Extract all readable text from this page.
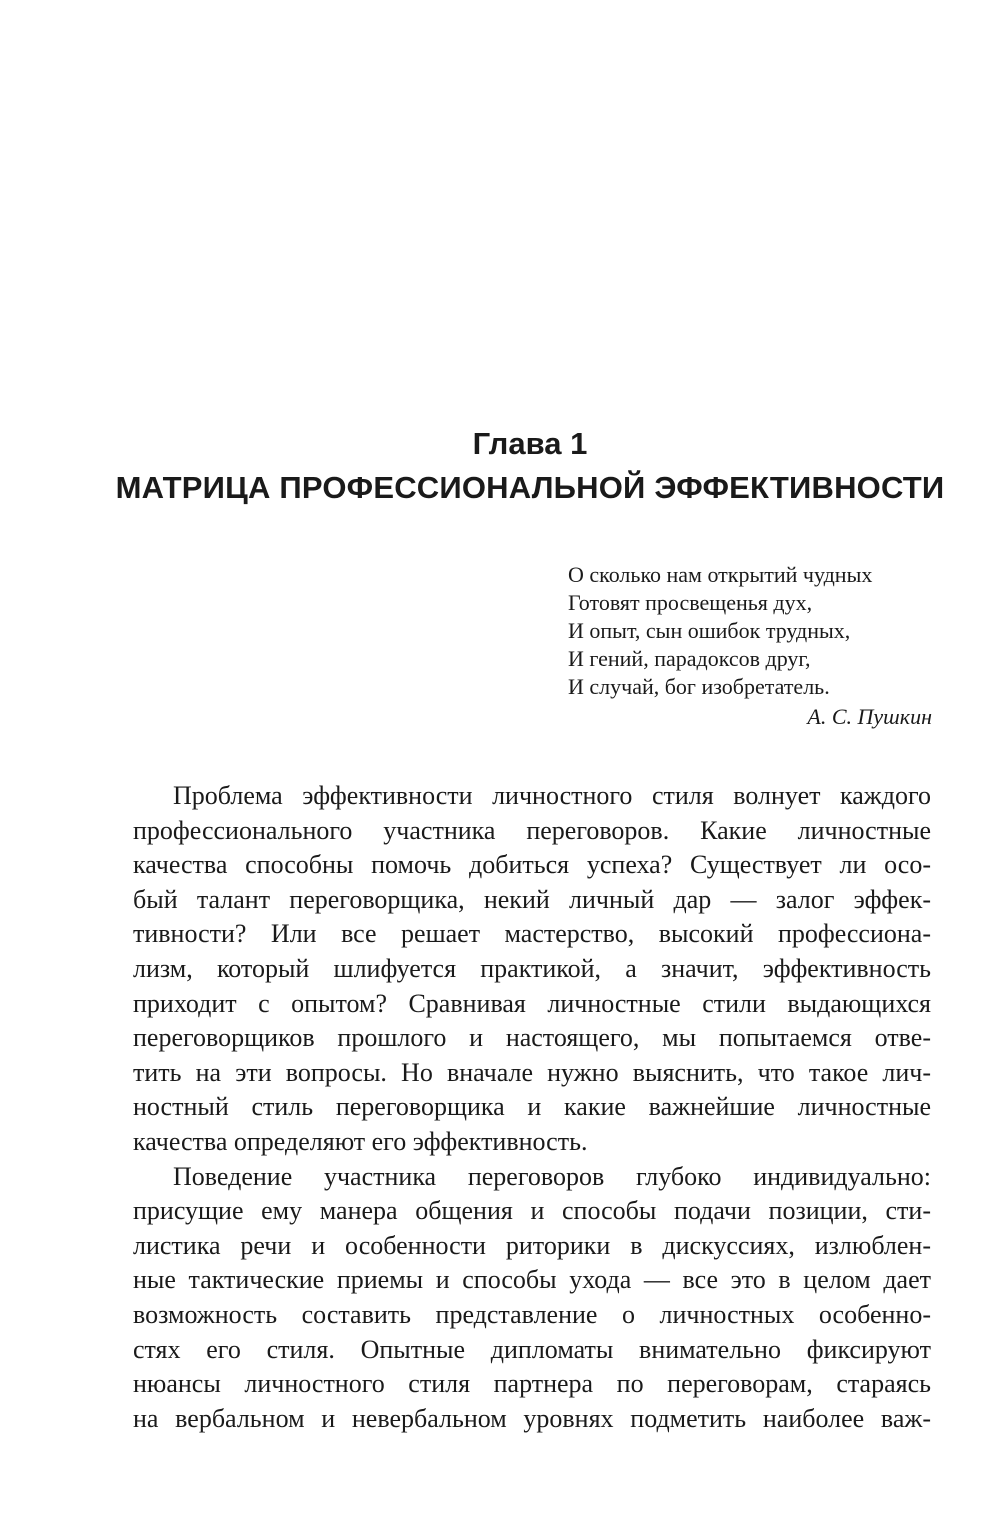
Глава 1
МАТРИЦА ПРОФЕССИОНАЛЬНОЙ ЭФФЕКТИВНОСТИ
О сколько нам открытий чудных
Готовят просвещенья дух,
И опыт, сын ошибок трудных,
И гений, парадоксов друг,
И случай, бог изобретатель.
А. С. Пушкин
Проблема эффективности личностного стиля волнует каждого
профессионального участника переговоров. Какие личностные
качества способны помочь добиться успеха? Существует ли осо-
бый талант переговорщика, некий личный дар — залог эффек-
тивности? Или все решает мастерство, высокий профессиона-
лизм, который шлифуется практикой, а значит, эффективность
приходит с опытом? Сравнивая личностные стили выдающихся
переговорщиков прошлого и настоящего, мы попытаемся отве-
тить на эти вопросы. Но вначале нужно выяснить, что такое лич-
ностный стиль переговорщика и какие важнейшие личностные
качества определяют его эффективность.
Поведение участника переговоров глубоко индивидуально:
присущие ему манера общения и способы подачи позиции, сти-
листика речи и особенности риторики в дискуссиях, излюблен-
ные тактические приемы и способы ухода — все это в целом дает
возможность составить представление о личностных особенно-
стях его стиля. Опытные дипломаты внимательно фиксируют
нюансы личностного стиля партнера по переговорам, стараясь
на вербальном и невербальном уровнях подметить наиболее важ-
